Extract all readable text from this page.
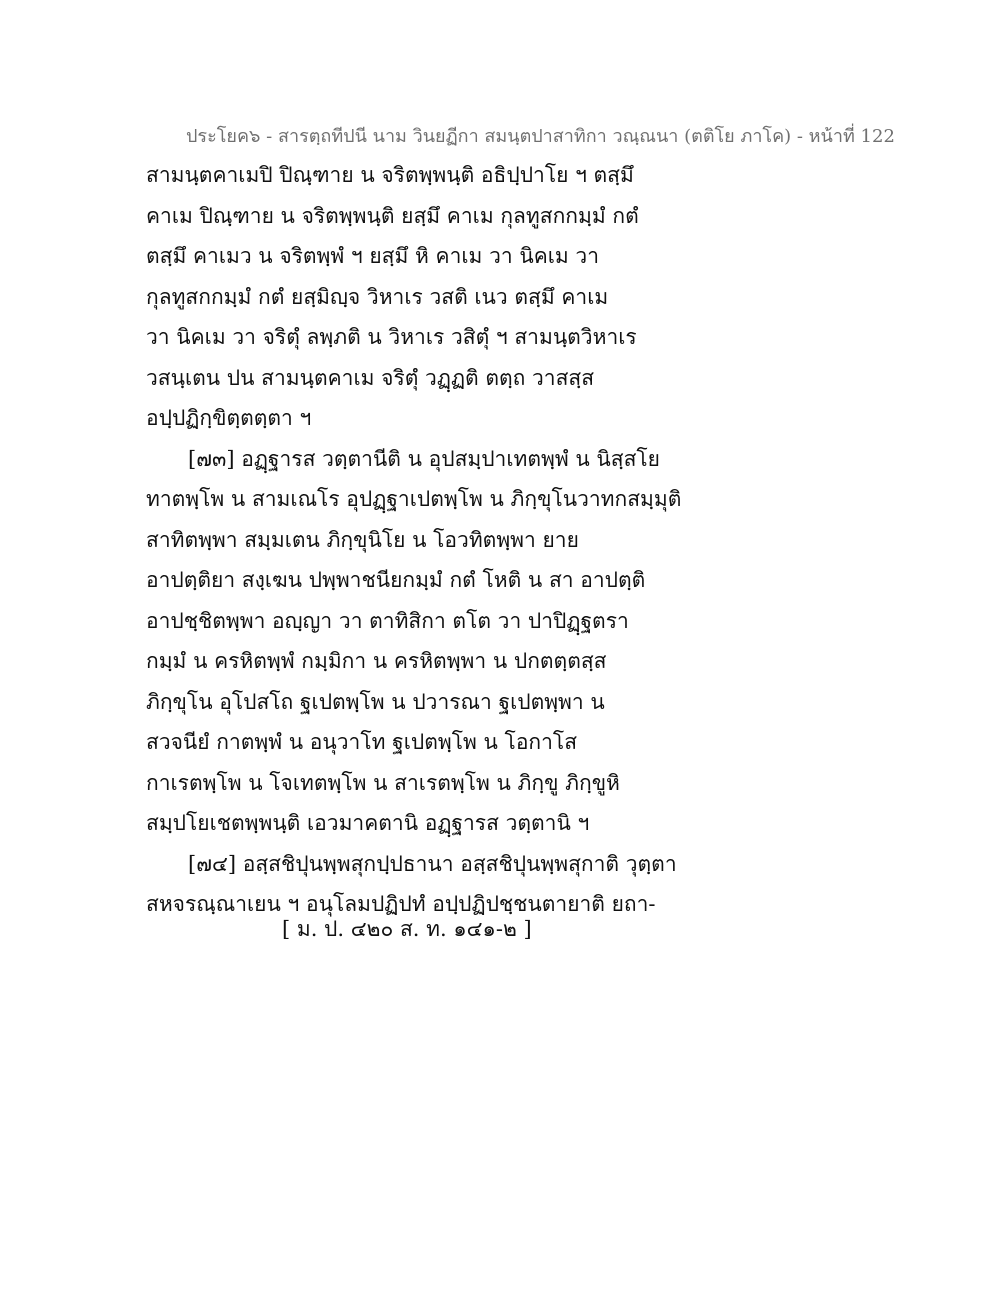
ประโยค๖ - สารตฺถทีปนี นาม วินยฏีกา สมนฺตปาสาทิกา วณฺณนา (ตติโย ภาโค) - หน้าที่ 122
สามนฺตคาเมปิ ปิณฺฑาย น จริตพฺพนฺติ อธิปฺปาโย ฯ ตสฺมึ
คาเม ปิณฺฑาย น จริตพฺพนฺติ ยสฺมึ คาเม กุลทูสกกมฺมํ กตํ
ตสฺมึ คาเมว น จริตพฺพํ ฯ ยสฺมึ หิ คาเม วา นิคเม วา
กุลทูสกกมฺมํ กตํ ยสฺมิญฺจ วิหาเร วสติ เนว ตสฺมึ คาเม
วา นิคเม วา จริตุํ ลพฺภติ น วิหาเร วสิตุํ ฯ สามนฺตวิหาเร
วสนฺเตน ปน สามนฺตคาเม จริตุํ วฏฺฏติ ตตฺถ วาสสฺส
อปฺปฏิกฺขิตฺตตฺตา ฯ
[๗๓] อฏฺฐารส วตฺตานีติ น อุปสมฺปาเทตพฺพํ น นิสฺสโย
ทาตพฺโพ น สามเณโร อุปฏฺฐาเปตพฺโพ น ภิกฺขุโนวาทกสมฺมุติ
สาทิตพฺพา สมฺมเตน ภิกฺขุนิโย น โอวทิตพฺพา ยาย
อาปตฺติยา สงฺเฆน ปพฺพาชนียกมฺมํ กตํ โหติ น สา อาปตฺติ
อาปชฺชิตพฺพา อญฺญา วา ตาทิสิกา ตโต วา ปาปิฏฺฐตรา
กมฺมํ น ครหิตพฺพํ กมฺมิกา น ครหิตพฺพา น ปกตตฺตสฺส
ภิกฺขุโน อุโปสโถ ฐเปตพฺโพ น ปวารณา ฐเปตพฺพา น
สวจนียํ กาตพฺพํ น อนุวาโท ฐเปตพฺโพ น โอกาโส
กาเรตพฺโพ น โจเทตพฺโพ น สาเรตพฺโพ น ภิกฺขู ภิกฺขูหิ
สมฺปโยเชตพฺพนฺติ เอวมาคตานิ อฏฺฐารส วตฺตานิ ฯ
[๗๔] อสฺสชิปุนพฺพสุกปฺปธานา อสฺสชิปุนพฺพสุกาติ วุตฺตา
สหจรณฺณาเยน ฯ อนุโลมปฏิปทํ อปฺปฏิปชฺชนตายาติ ยถา-
[ ม. ป. ๔๒๐ ส. ท. ๑๔๑-๒ ]
